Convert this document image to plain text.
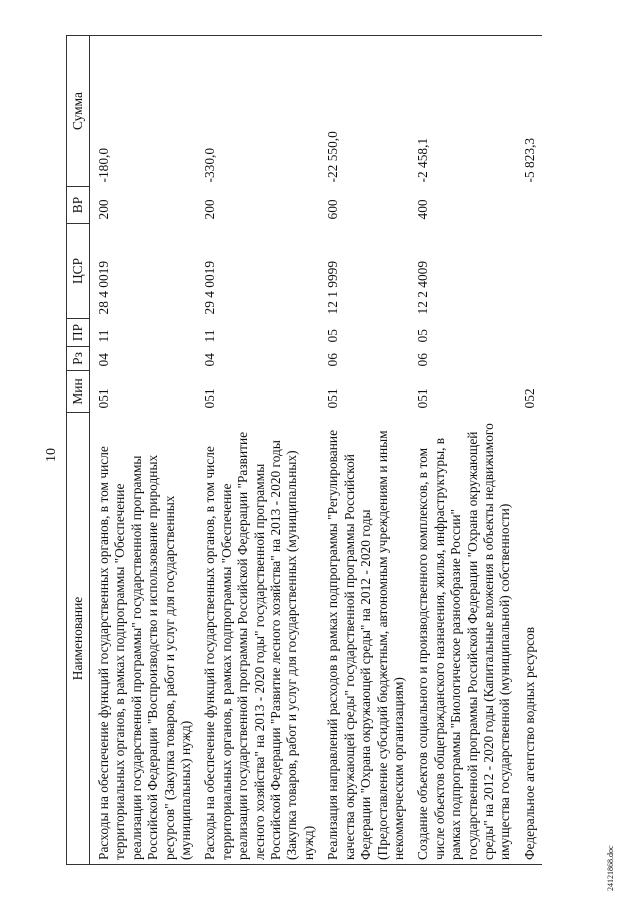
10
Наименование	Мин	Рз	ПР	ЦСР	ВР	Сумма

Расходы на обеспечение функций государственных органов, в том числе территориальных органов, в рамках подпрограммы "Обеспечение реализации государственной программы" государственной программы Российской Федерации "Воспроизводство и использование природных ресурсов" (Закупка товаров, работ и услуг для государственных (муниципальных) нужд)	051	04	11	28 4 0019	200	-180,0
Расходы на обеспечение функций государственных органов, в том числе территориальных органов, в рамках подпрограммы "Обеспечение реализации государственной программы Российской Федерации "Развитие лесного хозяйства" на 2013 - 2020 годы" государственной программы Российской Федерации "Развитие лесного хозяйства" на 2013 - 2020 годы (Закупка товаров, работ и услуг для государственных (муниципальных) нужд)	051	04	11	29 4 0019	200	-330,0
Реализация направлений расходов в рамках подпрограммы "Регулирование качества окружающей среды" государственной программы Российской Федерации "Охрана окружающей среды" на 2012 - 2020 годы (Предоставление субсидий бюджетным, автономным учреждениям и иным некоммерческим организациям)	051	06	05	12 1 9999	600	-22 550,0
Создание объектов социального и производственного комплексов, в том числе объектов общегражданского назначения, жилья, инфраструктуры, в рамках подпрограммы "Биологическое разнообразие России" государственной программы Российской Федерации "Охрана окружающей среды" на 2012 - 2020 годы (Капитальные вложения в объекты недвижимого имущества государственной (муниципальной) собственности)	051	06	05	12 2 4009	400	-2 458,1
Федеральное агентство водных ресурсов	052					-5 823,3
24121868.doc
